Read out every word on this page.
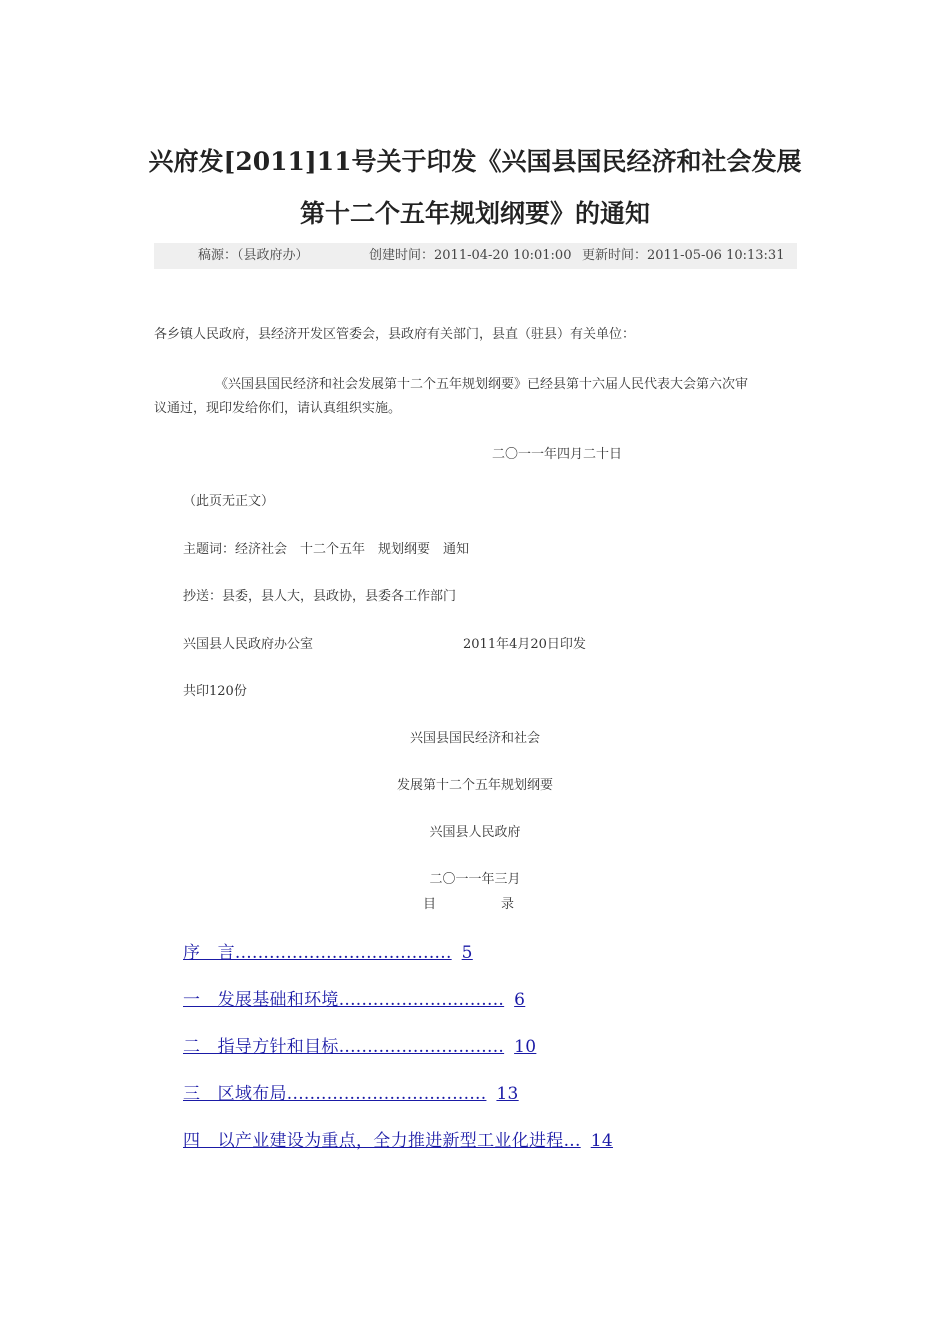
兴府发[2011]11号关于印发《兴国县国民经济和社会发展
第十二个五年规划纲要》的通知
稿源：（县政府办）	创建时间：2011-04-20 10:01:00 更新时间：2011-05-06 10:13:31
各乡镇人民政府，县经济开发区管委会，县政府有关部门，县直（驻县）有关单位：
《兴国县国民经济和社会发展第十二个五年规划纲要》已经县第十六届人民代表大会第六次审
议通过，现印发给你们，请认真组织实施。
二〇一一年四月二十日
（此页无正文）
主题词：经济社会　十二个五年　规划纲要　通知
抄送：县委，县人大，县政协，县委各工作部门
兴国县人民政府办公室	2011年4月20日印发
共印120份
兴国县国民经济和社会
发展第十二个五年规划纲要
兴国县人民政府
二〇一一年三月
目　　　　　录
序　言...................................... 5
一　发展基础和环境............................. 6
二　指导方针和目标............................. 10
三　区域布局................................... 13
四　以产业建设为重点，全力推进新型工业化进程... 14
